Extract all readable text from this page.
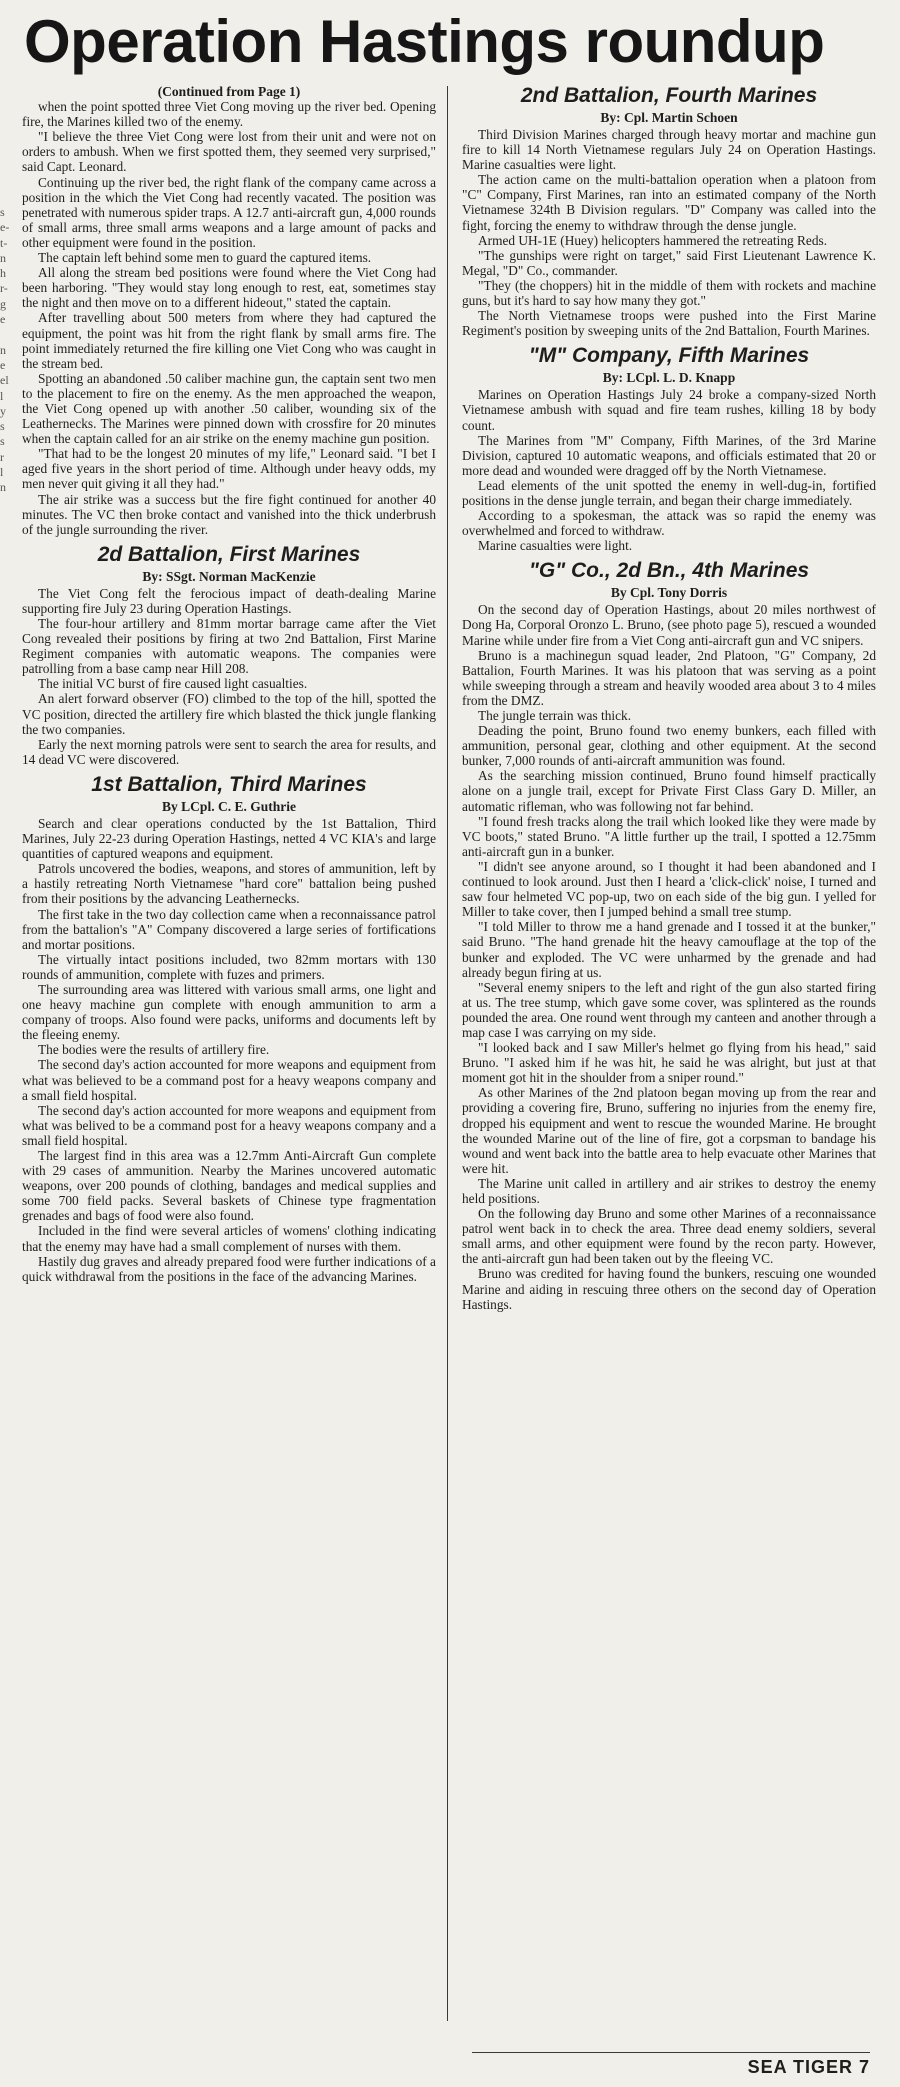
Operation Hastings roundup
s
e-
t-
n
h
r-
g
e
n
e
el
l
y
s
s
r
l
n
(Continued from Page 1)

when the point spotted three Viet Cong moving up the river bed. Opening fire, the Marines killed two of the enemy.

"I believe the three Viet Cong were lost from their unit and were not on orders to ambush. When we first spotted them, they seemed very surprised," said Capt. Leonard.

Continuing up the river bed, the right flank of the company came across a position in the which the Viet Cong had recently vacated. The position was penetrated with numerous spider traps. A 12.7 anti-aircraft gun, 4,000 rounds of small arms, three small arms weapons and a large amount of packs and other equipment were found in the position.

The captain left behind some men to guard the captured items.

All along the stream bed positions were found where the Viet Cong had been harboring. "They would stay long enough to rest, eat, sometimes stay the night and then move on to a different hideout," stated the captain.

After travelling about 500 meters from where they had captured the equipment, the point was hit from the right flank by small arms fire. The point immediately returned the fire killing one Viet Cong who was caught in the stream bed.

Spotting an abandoned .50 caliber machine gun, the captain sent two men to the placement to fire on the enemy. As the men approached the weapon, the Viet Cong opened up with another .50 caliber, wounding six of the Leathernecks. The Marines were pinned down with crossfire for 20 minutes when the captain called for an air strike on the enemy machine gun position.

"That had to be the longest 20 minutes of my life," Leonard said. "I bet I aged five years in the short period of time. Although under heavy odds, my men never quit giving it all they had."

The air strike was a success but the fire fight continued for another 40 minutes. The VC then broke contact and vanished into the thick underbrush of the jungle surrounding the river.

2d Battalion, First Marines
By: SSgt. Norman MacKenzie

The Viet Cong felt the ferocious impact of death-dealing Marine supporting fire July 23 during Operation Hastings.

The four-hour artillery and 81mm mortar barrage came after the Viet Cong revealed their positions by firing at two 2nd Battalion, First Marine Regiment companies with automatic weapons. The companies were patrolling from a base camp near Hill 208.

The initial VC burst of fire caused light casualties.

An alert forward observer (FO) climbed to the top of the hill, spotted the VC position, directed the artillery fire which blasted the thick jungle flanking the two companies.

Early the next morning patrols were sent to search the area for results, and 14 dead VC were discovered.

1st Battalion, Third Marines
By LCpl. C. E. Guthrie

Search and clear operations conducted by the 1st Battalion, Third Marines, July 22-23 during Operation Hastings, netted 4 VC KIA's and large quantities of captured weapons and equipment.

Patrols uncovered the bodies, weapons, and stores of ammunition, left by a hastily retreating North Vietnamese "hard core" battalion being pushed from their positions by the advancing Leathernecks.

The first take in the two day collection came when a reconnaissance patrol from the battalion's "A" Company discovered a large series of fortifications and mortar positions.

The virtually intact positions included, two 82mm mortars with 130 rounds of ammunition, complete with fuzes and primers.

The surrounding area was littered with various small arms, one light and one heavy machine gun complete with enough ammunition to arm a company of troops. Also found were packs, uniforms and documents left by the fleeing enemy.

The bodies were the results of artillery fire.

The second day's action accounted for more weapons and equipment from what was believed to be a command post for a heavy weapons company and a small field hospital.

The second day's action accounted for more weapons and equipment from what was belived to be a command post for a heavy weapons company and a small field hospital.

The largest find in this area was a 12.7mm Anti-Aircraft Gun complete with 29 cases of ammunition. Nearby the Marines uncovered automatic weapons, over 200 pounds of clothing, bandages and medical supplies and some 700 field packs. Several baskets of Chinese type fragmentation grenades and bags of food were also found.

Included in the find were several articles of womens' clothing indicating that the enemy may have had a small complement of nurses with them.

Hastily dug graves and already prepared food were further indications of a quick withdrawal from the positions in the face of the advancing Marines.

2nd Battalion, Fourth Marines
By: Cpl. Martin Schoen

Third Division Marines charged through heavy mortar and machine gun fire to kill 14 North Vietnamese regulars July 24 on Operation Hastings. Marine casualties were light.

The action came on the multi-battalion operation when a platoon from "C" Company, First Marines, ran into an estimated company of the North Vietnamese 324th B Division regulars. "D" Company was called into the fight, forcing the enemy to withdraw through the dense jungle.

Armed UH-1E (Huey) helicopters hammered the retreating Reds.

"The gunships were right on target," said First Lieutenant Lawrence K. Megal, "D" Co., commander.

"They (the choppers) hit in the middle of them with rockets and machine guns, but it's hard to say how many they got."

The North Vietnamese troops were pushed into the First Marine Regiment's position by sweeping units of the 2nd Battalion, Fourth Marines.

"M" Company, Fifth Marines
By: LCpl. L. D. Knapp

Marines on Operation Hastings July 24 broke a company-sized North Vietnamese ambush with squad and fire team rushes, killing 18 by body count.

The Marines from "M" Company, Fifth Marines, of the 3rd Marine Division, captured 10 automatic weapons, and officials estimated that 20 or more dead and wounded were dragged off by the North Vietnamese.

Lead elements of the unit spotted the enemy in well-dug-in, fortified positions in the dense jungle terrain, and began their charge immediately.

According to a spokesman, the attack was so rapid the enemy was overwhelmed and forced to withdraw.

Marine casualties were light.

"G" Co., 2d Bn., 4th Marines
By Cpl. Tony Dorris

On the second day of Operation Hastings, about 20 miles northwest of Dong Ha, Corporal Oronzo L. Bruno, (see photo page 5), rescued a wounded Marine while under fire from a Viet Cong anti-aircraft gun and VC snipers.

Bruno is a machinegun squad leader, 2nd Platoon, "G" Company, 2d Battalion, Fourth Marines. It was his platoon that was serving as a point while sweeping through a stream and heavily wooded area about 3 to 4 miles from the DMZ.

The jungle terrain was thick.

Deading the point, Bruno found two enemy bunkers, each filled with ammunition, personal gear, clothing and other equipment. At the second bunker, 7,000 rounds of anti-aircraft ammunition was found.

As the searching mission continued, Bruno found himself practically alone on a jungle trail, except for Private First Class Gary D. Miller, an automatic rifleman, who was following not far behind.

"I found fresh tracks along the trail which looked like they were made by VC boots," stated Bruno. "A little further up the trail, I spotted a 12.75mm anti-aircraft gun in a bunker.

"I didn't see anyone around, so I thought it had been abandoned and I continued to look around. Just then I heard a 'click-click' noise, I turned and saw four helmeted VC pop-up, two on each side of the big gun. I yelled for Miller to take cover, then I jumped behind a small tree stump.

"I told Miller to throw me a hand grenade and I tossed it at the bunker," said Bruno. "The hand grenade hit the heavy camouflage at the top of the bunker and exploded. The VC were unharmed by the grenade and had already begun firing at us.

"Several enemy snipers to the left and right of the gun also started firing at us. The tree stump, which gave some cover, was splintered as the rounds pounded the area. One round went through my canteen and another through a map case I was carrying on my side.

"I looked back and I saw Miller's helmet go flying from his head," said Bruno. "I asked him if he was hit, he said he was alright, but just at that moment got hit in the shoulder from a sniper round."

As other Marines of the 2nd platoon began moving up from the rear and providing a covering fire, Bruno, suffering no injuries from the enemy fire, dropped his equipment and went to rescue the wounded Marine. He brought the wounded Marine out of the line of fire, got a corpsman to bandage his wound and went back into the battle area to help evacuate other Marines that were hit.

The Marine unit called in artillery and air strikes to destroy the enemy held positions.

On the following day Bruno and some other Marines of a reconnaissance patrol went back in to check the area. Three dead enemy soldiers, several small arms, and other equipment were found by the recon party. However, the anti-aircraft gun had been taken out by the fleeing VC.

Bruno was credited for having found the bunkers, rescuing one wounded Marine and aiding in rescuing three others on the second day of Operation Hastings.

SEA TIGER 7
